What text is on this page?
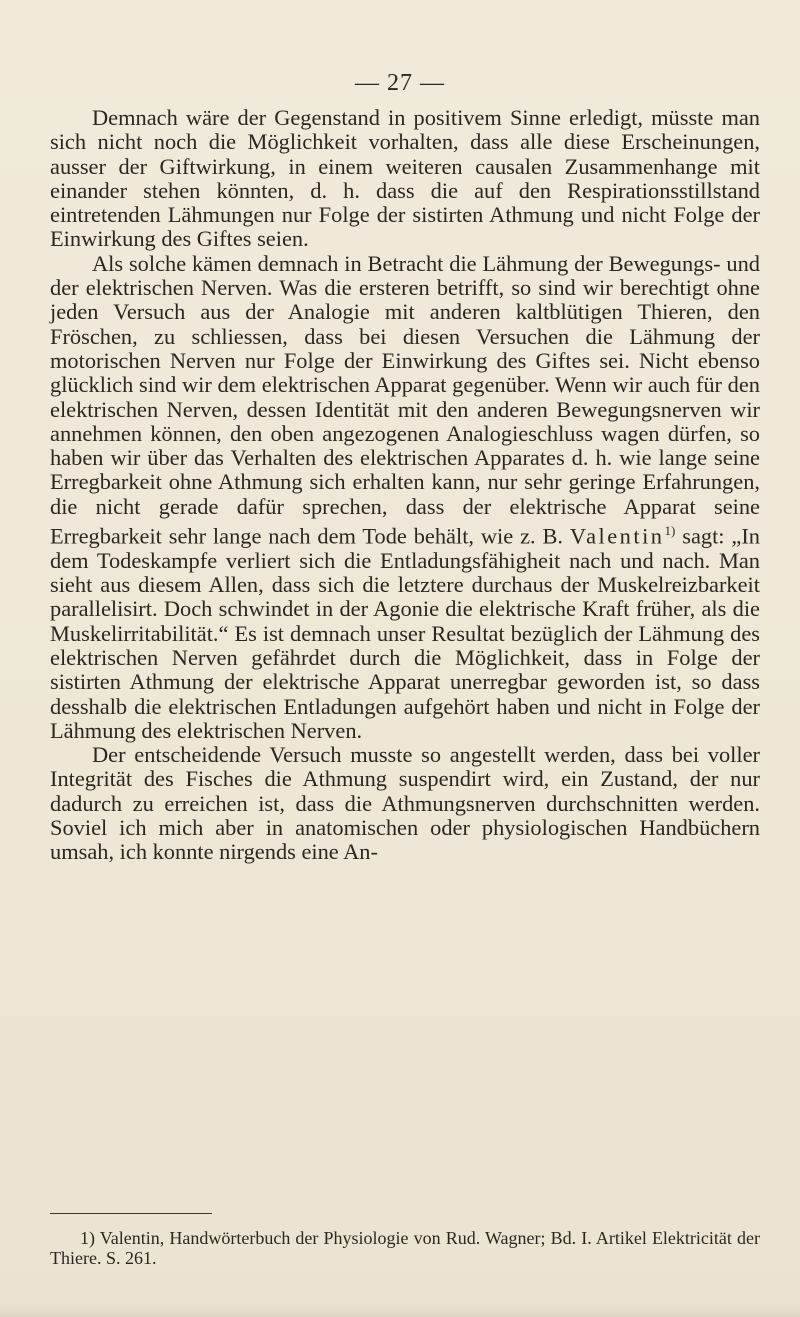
— 27 —

Demnach wäre der Gegenstand in positivem Sinne erledigt, müsste man sich nicht noch die Möglichkeit vorhalten, dass alle diese Erscheinungen, ausser der Giftwirkung, in einem weiteren causalen Zusammenhange mit einander stehen könnten, d. h. dass die auf den Respirationsstillstand eintretenden Lähmungen nur Folge der sistirten Athmung und nicht Folge der Einwirkung des Giftes seien.

Als solche kämen demnach in Betracht die Lähmung der Bewegungs- und der elektrischen Nerven. Was die ersteren betrifft, so sind wir berechtigt ohne jeden Versuch aus der Analogie mit anderen kaltblütigen Thieren, den Fröschen, zu schliessen, dass bei diesen Versuchen die Lähmung der motorischen Nerven nur Folge der Einwirkung des Giftes sei. Nicht ebenso glücklich sind wir dem elektrischen Apparat gegenüber. Wenn wir auch für den elektrischen Nerven, dessen Identität mit den anderen Bewegungsnerven wir annehmen können, den oben angezogenen Analogieschluss wagen dürfen, so haben wir über das Verhalten des elektrischen Apparates d. h. wie lange seine Erregbarkeit ohne Athmung sich erhalten kann, nur sehr geringe Erfahrungen, die nicht gerade dafür sprechen, dass der elektrische Apparat seine Erregbarkeit sehr lange nach dem Tode behält, wie z. B. Valentin$^{1)}$ sagt: „In dem Todeskampfe verliert sich die Entladungsfähigheit nach und nach. Man sieht aus diesem Allen, dass sich die letztere durchaus der Muskelreizbarkeit parallelisirt. Doch schwindet in der Agonie die elektrische Kraft früher, als die Muskelirritabilität.“ Es ist demnach unser Resultat bezüglich der Lähmung des elektrischen Nerven gefährdet durch die Möglichkeit, dass in Folge der sistirten Athmung der elektrische Apparat unerregbar geworden ist, so dass desshalb die elektrischen Entladungen aufgehört haben und nicht in Folge der Lähmung des elektrischen Nerven.

Der entscheidende Versuch musste so angestellt werden, dass bei voller Integrität des Fisches die Athmung suspendirt wird, ein Zustand, der nur dadurch zu erreichen ist, dass die Athmungsnerven durchschnitten werden. Soviel ich mich aber in anatomischen oder physiologischen Handbüchern umsah, ich konnte nirgends eine An-

1) Valentin, Handwörterbuch der Physiologie von Rud. Wagner; Bd. I. Artikel Elektricität der Thiere. S. 261.
